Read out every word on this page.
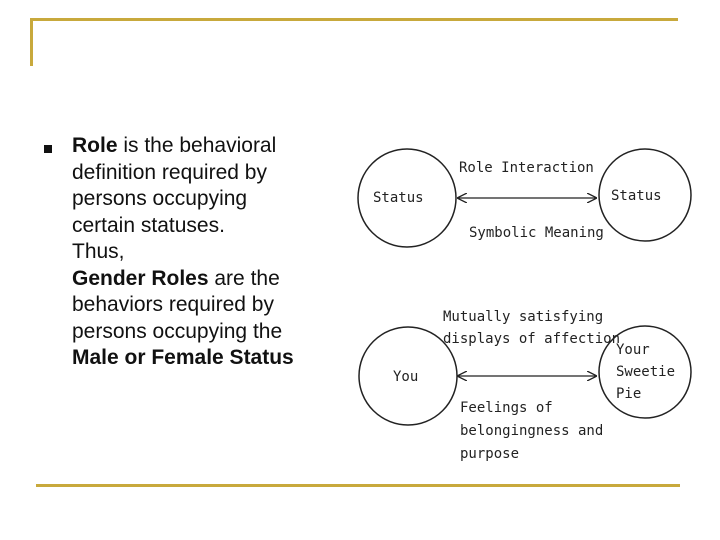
Role is the behavioral
definition required by
persons occupying
certain statuses.
Thus,
Gender Roles are the
behaviors required by
persons occupying the
Male or Female Status
Status	Status
Role Interaction
Symbolic Meaning
You
Your
Sweetie
Pie
Mutually satisfying
displays of affection
Feelings of
belongingness and
purpose
